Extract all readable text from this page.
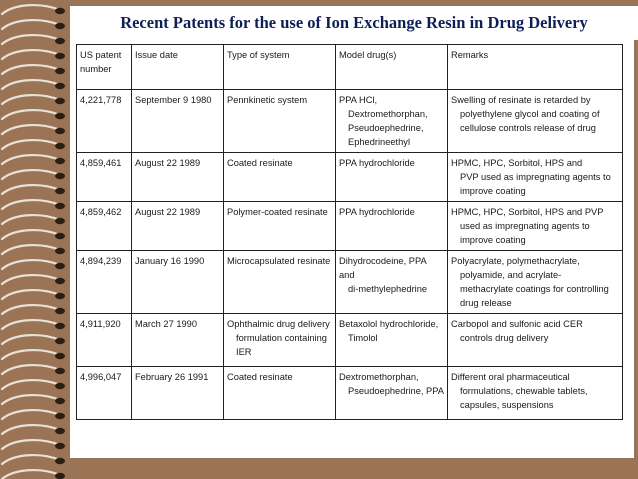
Recent Patents for the use of Ion Exchange Resin in Drug Delivery
US patent
number	Issue date	Type of system	Model drug(s)	Remarks
4,221,778	September 9 1980	Pennkinetic system	PPA HCl,
Dextromethorphan,
Pseudoephedrine,
Ephedrineethyl	Swelling of resinate is retarded by
polyethylene glycol and coating of
cellulose controls release of drug

4,859,461	August 22 1989	Coated resinate	PPA hydrochloride	HPMC, HPC, Sorbitol, HPS and
PVP used as impregnating agents to
improve coating

4,859,462	August 22 1989	Polymer-coated resinate	PPA hydrochloride	HPMC, HPC, Sorbitol, HPS and PVP
used as impregnating agents to
improve coating

4,894,239	January 16 1990	Microcapsulated resinate	Dihydrocodeine, PPA and
di-methylephedrine	Polyacrylate, polymethacrylate,
polyamide, and acrylate-
methacrylate coatings for controlling
drug release

4,911,920	March 27 1990	Ophthalmic drug delivery
formulation containing
IER	Betaxolol hydrochloride,
Timolol	Carbopol and sulfonic acid CER
controls drug delivery

4,996,047	February 26 1991	Coated resinate	Dextromethorphan,
Pseudoephedrine, PPA	Different oral pharmaceutical
formulations, chewable tablets,
capsules, suspensions
